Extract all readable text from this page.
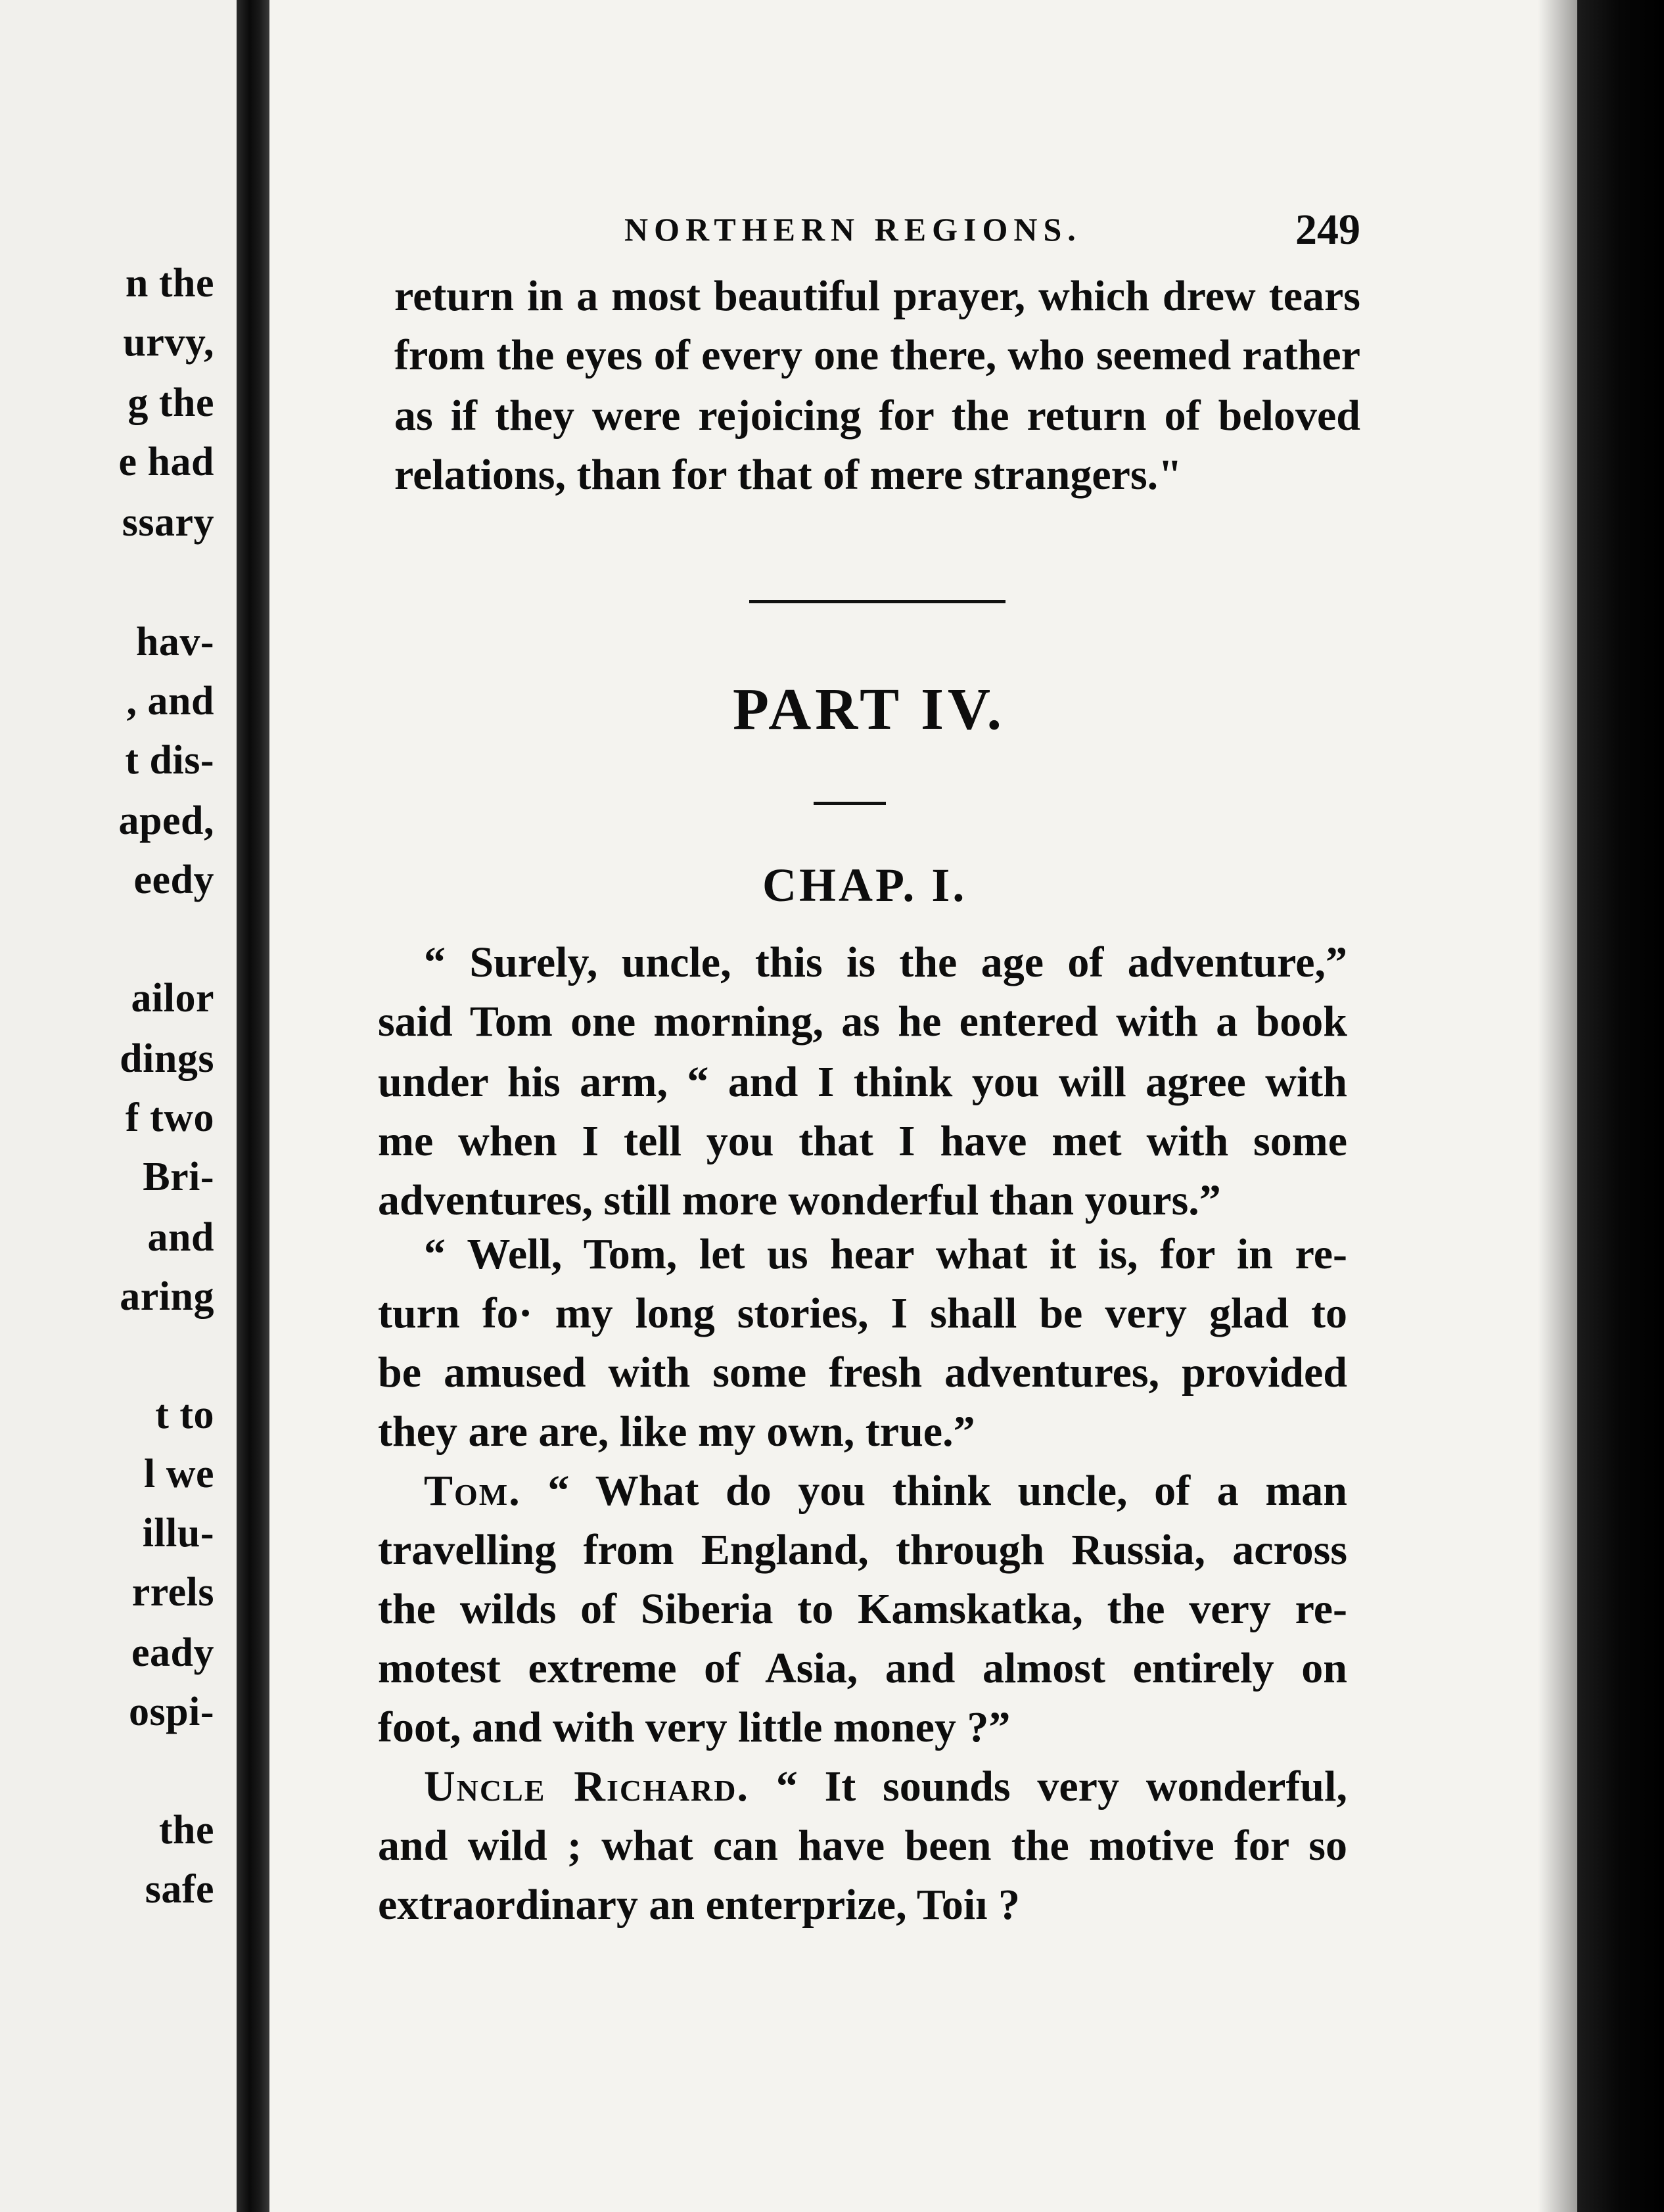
n the
urvy,
g the
e had
ssary
hav-
, and
t dis-
aped,
eedy
ailor
dings
f two
Bri-
and
aring
t to
l we
illu-
rrels
eady
ospi-
the
safe
NORTHERN REGIONS.	249
return in a most beautiful prayer, which drew tears
from the eyes of every one there, who seemed rather
as if they were rejoicing for the return of beloved
relations, than for that of mere strangers."
PART IV.
CHAP. I.
“ Surely, uncle, this is the age of adventure,”
said Tom one morning, as he entered with a book
under his arm, “ and I think you will agree with
me when I tell you that I have met with some
adventures, still more wonderful than yours.”
“ Well, Tom, let us hear what it is, for in re-
turn fo· my long stories, I shall be very glad to
be amused with some fresh adventures, provided
they are are, like my own, true.”
Tom. “ What do you think uncle, of a man
travelling from England, through Russia, across
the wilds of Siberia to Kamskatka, the very re-
motest extreme of Asia, and almost entirely on
foot, and with very little money ?”
Uncle Richard. “ It sounds very wonderful,
and wild ; what can have been the motive for so
extraordinary an enterprize, Toiı ?
